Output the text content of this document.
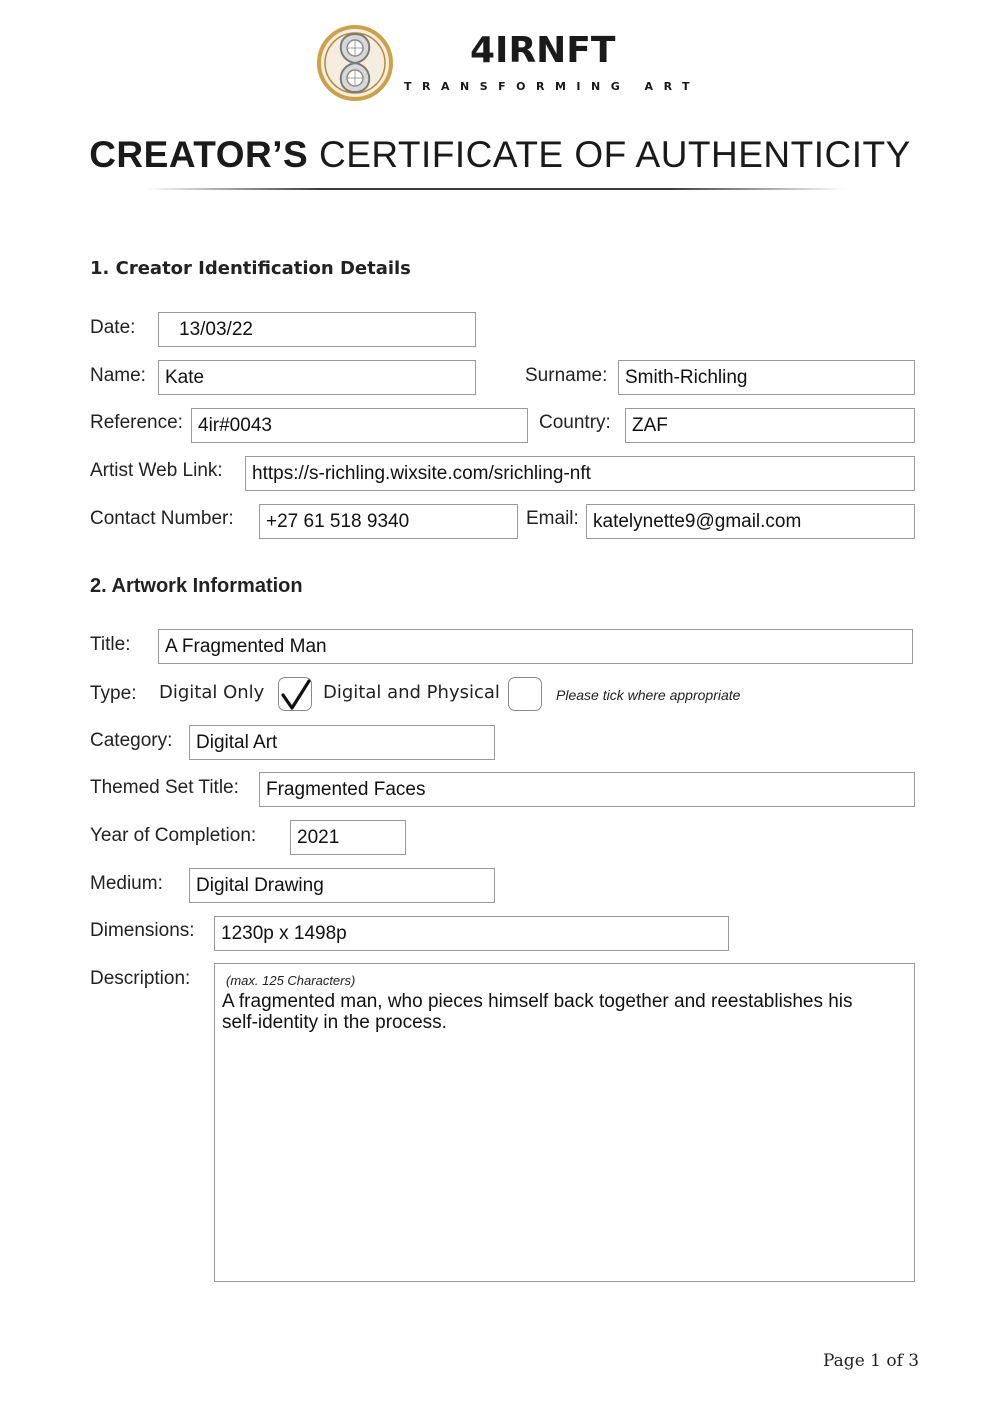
4IRNFT
TRANSFORMING ART
CREATOR’S CERTIFICATE OF AUTHENTICITY
1. Creator Identification Details
Date:	13/03/22
Name:	Kate	Surname: Smith-Richling
Reference: 4ir#0043	Country:	ZAF
Artist Web Link:	https://s-richling.wixsite.com/srichling-nft
Contact Number:	+27 61 518 9340	Email: katelynette9@gmail.com
2. Artwork Information
Title:	A Fragmented Man
Type: Digital Only	Digital and Physical	Please tick where appropriate
Category:	Digital Art
Themed Set Title:	Fragmented Faces
Year of Completion:	2021
Medium:	Digital Drawing
Dimensions:	1230p x 1498p
Description:	(max. 125 Characters)
A fragmented man, who pieces himself back together and reestablishes his self-identity in the process.
Page 1 of 3
